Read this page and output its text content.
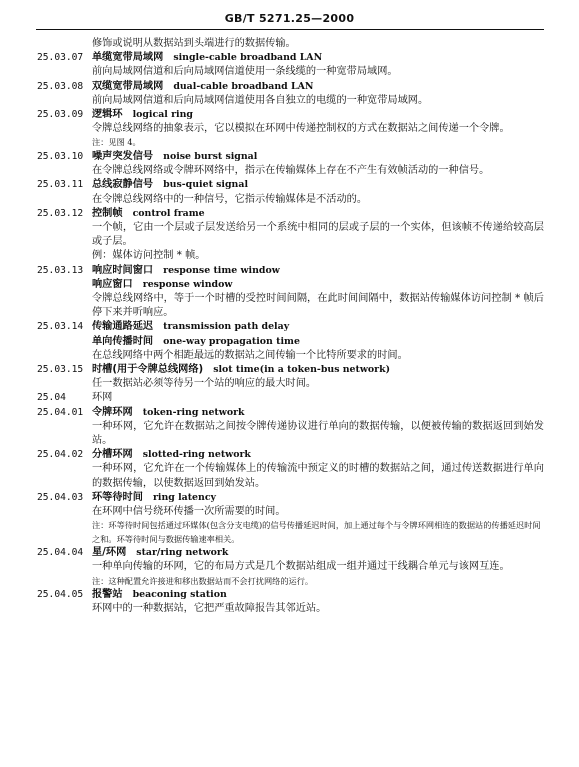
GB/T 5271.25—2000
修饰或说明从数据站到头端进行的数据传输。
25.03.07 单缆宽带局域网 single-cable broadband LAN
前向局域网信道和后向局域网信道使用一条线缆的一种宽带局域网。
25.03.08 双缆宽带局域网 dual-cable broadband LAN
前向局域网信道和后向局域网信道使用各自独立的电缆的一种宽带局域网。
25.03.09 逻辑环 logical ring
令牌总线网络的抽象表示，它以模拟在环网中传递控制权的方式在数据站之间传递一个令牌。
注：见图 4。
25.03.10 噪声突发信号 noise burst signal
在令牌总线网络或令牌环网络中，指示在传输媒体上存在不产生有效帧活动的一种信号。
25.03.11 总线寂静信号 bus-quiet signal
在令牌总线网络中的一种信号，它指示传输媒体是不活动的。
25.03.12 控制帧 control frame
一个帧，它由一个层或子层发送给另一个系统中相同的层或子层的一个实体，但该帧不传递给较高层或子层。
例：媒体访问控制 * 帧。
25.03.13 响应时间窗口 response time window
响应窗口 response window
令牌总线网络中，等于一个时槽的受控时间间隔，在此时间间隔中，数据站传输媒体访问控制 * 帧后停下来并听响应。
25.03.14 传输通路延迟 transmission path delay
单向传播时间 one-way propagation time
在总线网络中两个相距最远的数据站之间传输一个比特所要求的时间。
25.03.15 时槽(用于令牌总线网络) slot time(in a token-bus network)
任一数据站必须等待另一个站的响应的最大时间。
25.04	环网
25.04.01 令牌环网 token-ring network
一种环网，它允许在数据站之间按令牌传递协议进行单向的数据传输，以便被传输的数据返回到始发站。
25.04.02 分槽环网 slotted-ring network
一种环网，它允许在一个传输媒体上的传输流中预定义的时槽的数据站之间，通过传送数据进行单向的数据传输，以使数据返回到始发站。
25.04.03 环等待时间 ring latency
在环网中信号绕环传播一次所需要的时间。
注：环等待时间包括通过环媒体(包含分支电缆)的信号传播延迟时间，加上通过每个与令牌环网相连的数据站的传播延迟时间之和。环等待时间与数据传输速率相关。
25.04.04 星/环网 star/ring network
一种单向传输的环网，它的布局方式是几个数据站组成一组并通过干线耦合单元与该网互连。
注：这种配置允许接进和移出数据站而不会打扰网络的运行。
25.04.05 报警站 beaconing station
环网中的一种数据站，它把严重故障报告其邻近站。
